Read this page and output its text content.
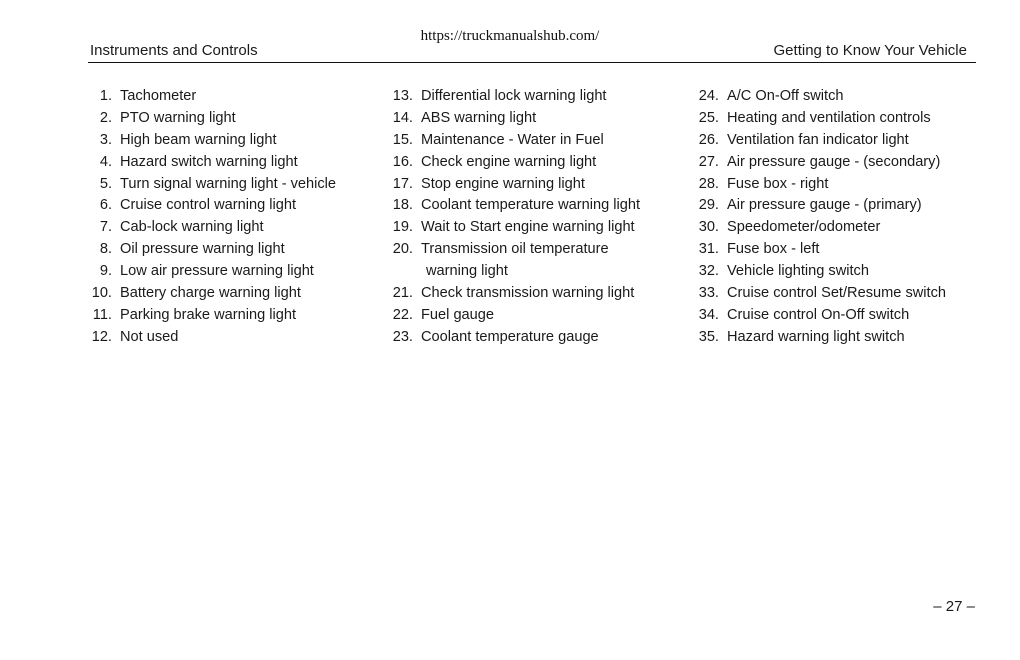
https://truckmanualshub.com/
Instruments and Controls	Getting to Know Your Vehicle
1. Tachometer
2. PTO warning light
3. High beam warning light
4. Hazard switch warning light
5. Turn signal warning light - vehicle
6. Cruise control warning light
7. Cab-lock warning light
8. Oil pressure warning light
9. Low air pressure warning light
10. Battery charge warning light
11. Parking brake warning light
12. Not used
13. Differential lock warning light
14. ABS warning light
15. Maintenance - Water in Fuel
16. Check engine warning light
17. Stop engine warning light
18. Coolant temperature warning light
19. Wait to Start engine warning light
20. Transmission oil temperature
warning light
21. Check transmission warning light
22. Fuel gauge
23. Coolant temperature gauge
24. A/C On-Off switch
25. Heating and ventilation controls
26. Ventilation fan indicator light
27. Air pressure gauge - (secondary)
28. Fuse box - right
29. Air pressure gauge - (primary)
30. Speedometer/odometer
31. Fuse box - left
32. Vehicle lighting switch
33. Cruise control Set/Resume switch
34. Cruise control On-Off switch
35. Hazard warning light switch
– 27 –
